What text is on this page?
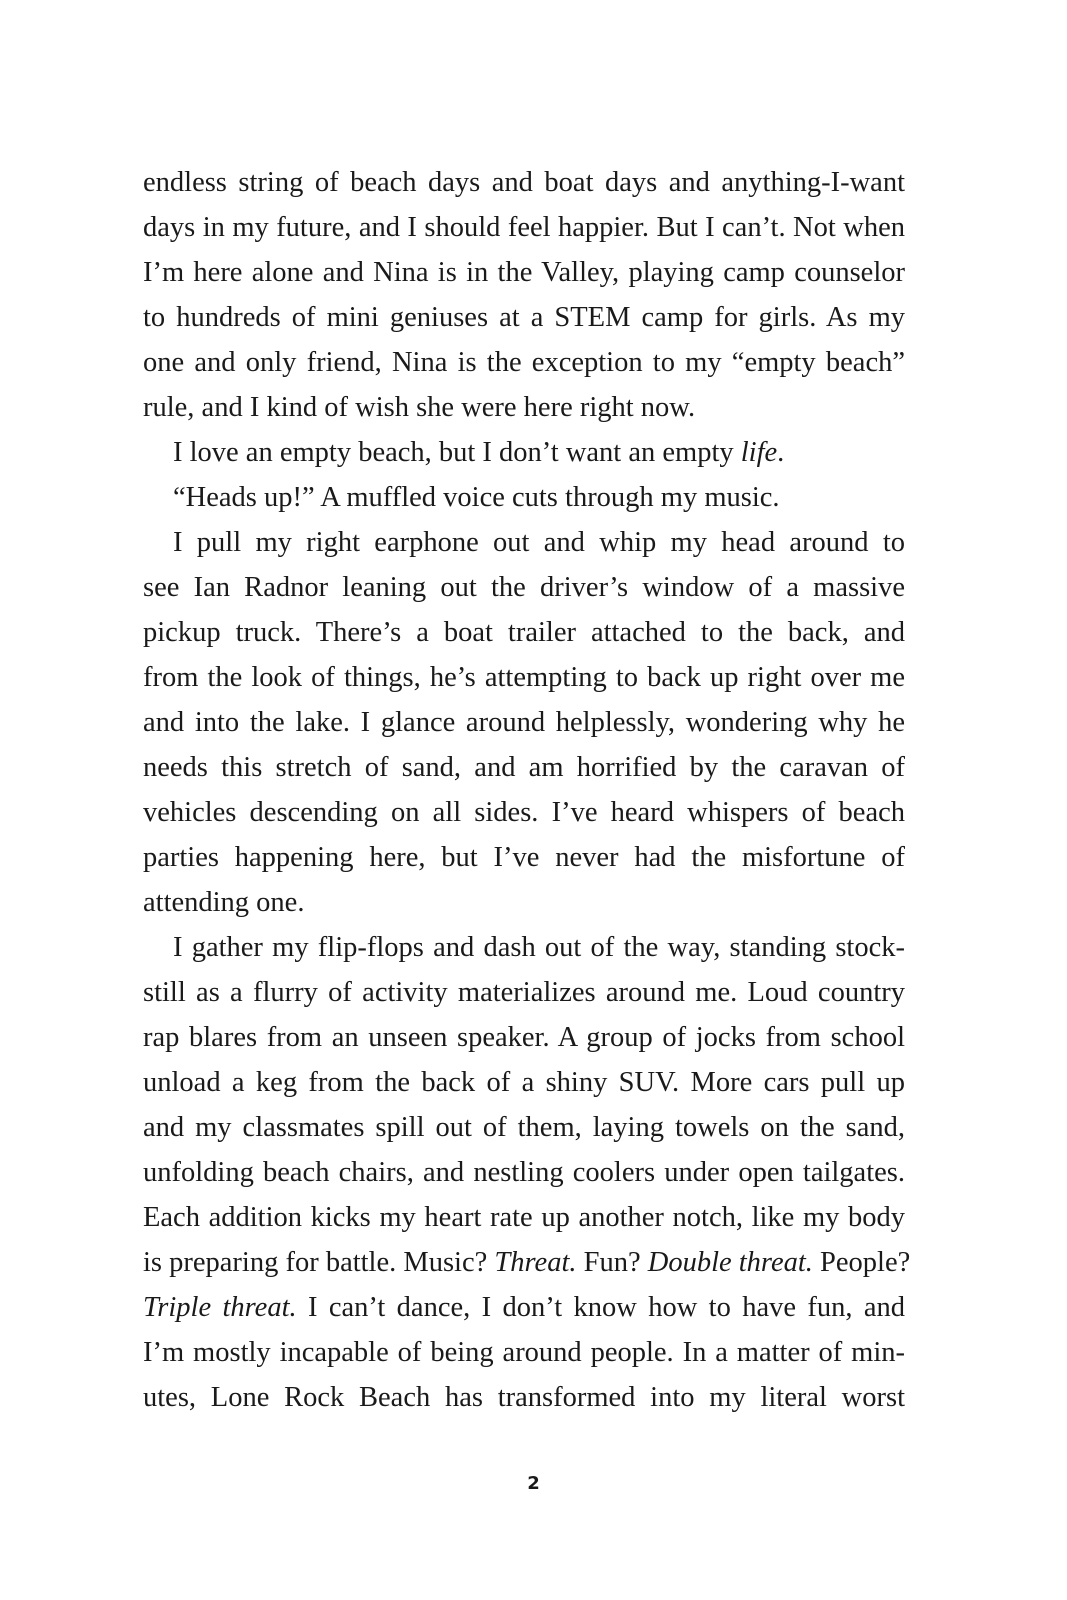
endless string of beach days and boat days and anything-I-want
days in my future, and I should feel happier. But I can’t. Not when
I’m here alone and Nina is in the Valley, playing camp counselor
to hundreds of mini geniuses at a STEM camp for girls. As my
one and only friend, Nina is the exception to my “empty beach”
rule, and I kind of wish she were here right now.
I love an empty beach, but I don’t want an empty life.
“Heads up!” A muffled voice cuts through my music.
I pull my right earphone out and whip my head around to
see Ian Radnor leaning out the driver’s window of a massive
pickup truck. There’s a boat trailer attached to the back, and
from the look of things, he’s attempting to back up right over me
and into the lake. I glance around helplessly, wondering why he
needs this stretch of sand, and am horrified by the caravan of
vehicles descending on all sides. I’ve heard whispers of beach
parties happening here, but I’ve never had the misfortune of
attending one.
I gather my flip-flops and dash out of the way, standing stock-
still as a flurry of activity materializes around me. Loud country
rap blares from an unseen speaker. A group of jocks from school
unload a keg from the back of a shiny SUV. More cars pull up
and my classmates spill out of them, laying towels on the sand,
unfolding beach chairs, and nestling coolers under open tailgates.
Each addition kicks my heart rate up another notch, like my body
is preparing for battle. Music? Threat. Fun? Double threat. People?
Triple threat. I can’t dance, I don’t know how to have fun, and
I’m mostly incapable of being around people. In a matter of min-
utes, Lone Rock Beach has transformed into my literal worst
2
